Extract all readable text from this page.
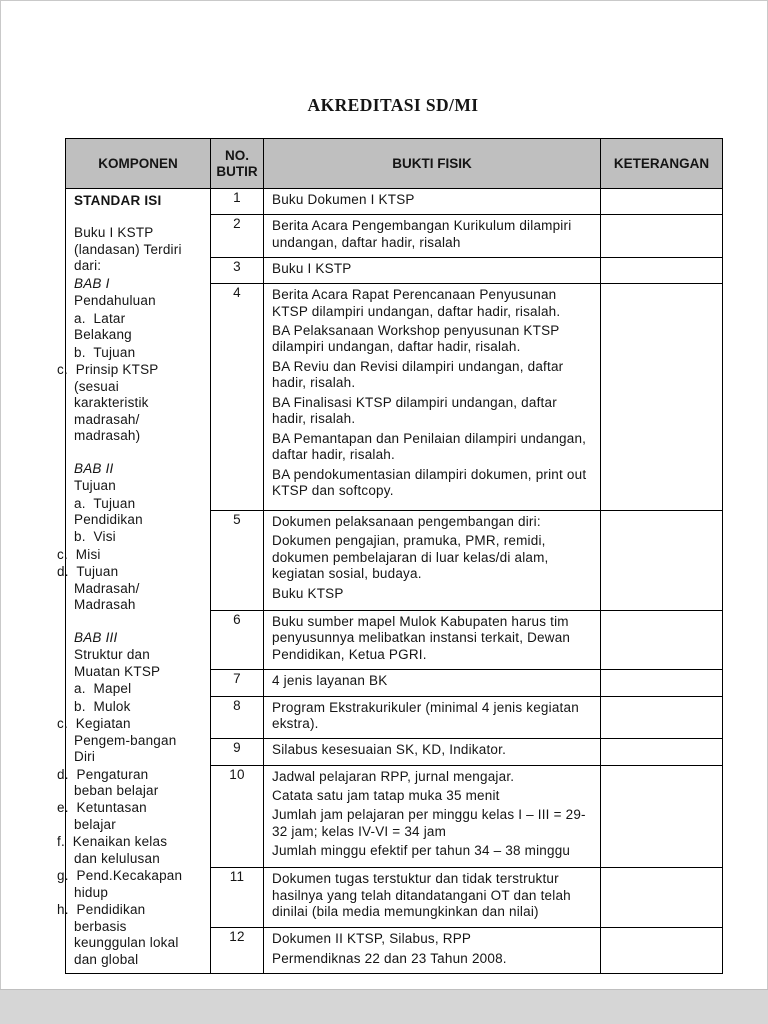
AKREDITASI SD/MI
KOMPONEN	NO. BUTIR	BUKTI FISIK	KETERANGAN

STANDAR ISI
Buku I KSTP (landasan) Terdiri dari:
BAB I
Pendahuluan
a.  Latar Belakang
b.  Tujuan
c.  Prinsip KTSP (sesuai karakteristik madrasah/ madrasah)
BAB II
Tujuan
a.  Tujuan Pendidikan
b.  Visi
c.  Misi
d.  Tujuan Madrasah/ Madrasah
BAB III
Struktur dan Muatan KTSP
a.  Mapel
b.  Mulok
c.  Kegiatan Pengem-bangan Diri
d.  Pengaturan beban belajar
e.  Ketuntasan belajar
f.  Kenaikan kelas dan kelulusan
g.  Pend.Kecakapan hidup
h.  Pendidikan berbasis keunggulan lokal dan global
	1	Buku Dokumen I KTSP

	2	Berita Acara Pengembangan Kurikulum dilampiri undangan, daftar hadir, risalah	

	3	Buku I KSTP	

4	Berita Acara Rapat Perencanaan Penyusunan KTSP dilampiri undangan, daftar hadir, risalah.

BA Pelaksanaan Workshop penyusunan KTSP dilampiri undangan, daftar hadir, risalah.

BA Reviu dan Revisi dilampiri undangan, daftar hadir, risalah.

BA Finalisasi KTSP dilampiri undangan, daftar hadir, risalah.

BA Pemantapan dan Penilaian dilampiri undangan, daftar hadir, risalah.

BA pendokumentasian dilampiri dokumen, print out KTSP dan softcopy.

	5	Dokumen pelaksanaan pengembangan diri:

Dokumen pengajian, pramuka, PMR, remidi, dokumen pembelajaran di luar kelas/di alam, kegiatan sosial, budaya.

Buku KTSP	

	6	Buku sumber mapel Mulok Kabupaten harus tim penyusunnya melibatkan instansi terkait, Dewan Pendidikan, Ketua PGRI.	

	7	4 jenis layanan BK	

	8	Program Ekstrakurikuler (minimal 4 jenis kegiatan ekstra).	

	9	Silabus kesesuaian SK, KD, Indikator.	

	10	Jadwal pelajaran RPP, jurnal mengajar.

Catata satu jam tatap muka 35 menit

Jumlah jam pelajaran per minggu kelas I – III = 29-32 jam; kelas IV-VI = 34 jam

Jumlah minggu efektif per tahun 34 – 38 minggu	

	11	Dokumen tugas terstuktur dan tidak terstruktur hasilnya yang telah ditandatangani OT dan telah dinilai (bila media memungkinkan dan nilai)	

	12	Dokumen II KTSP, Silabus, RPP

Permendiknas 22 dan 23 Tahun 2008.	
